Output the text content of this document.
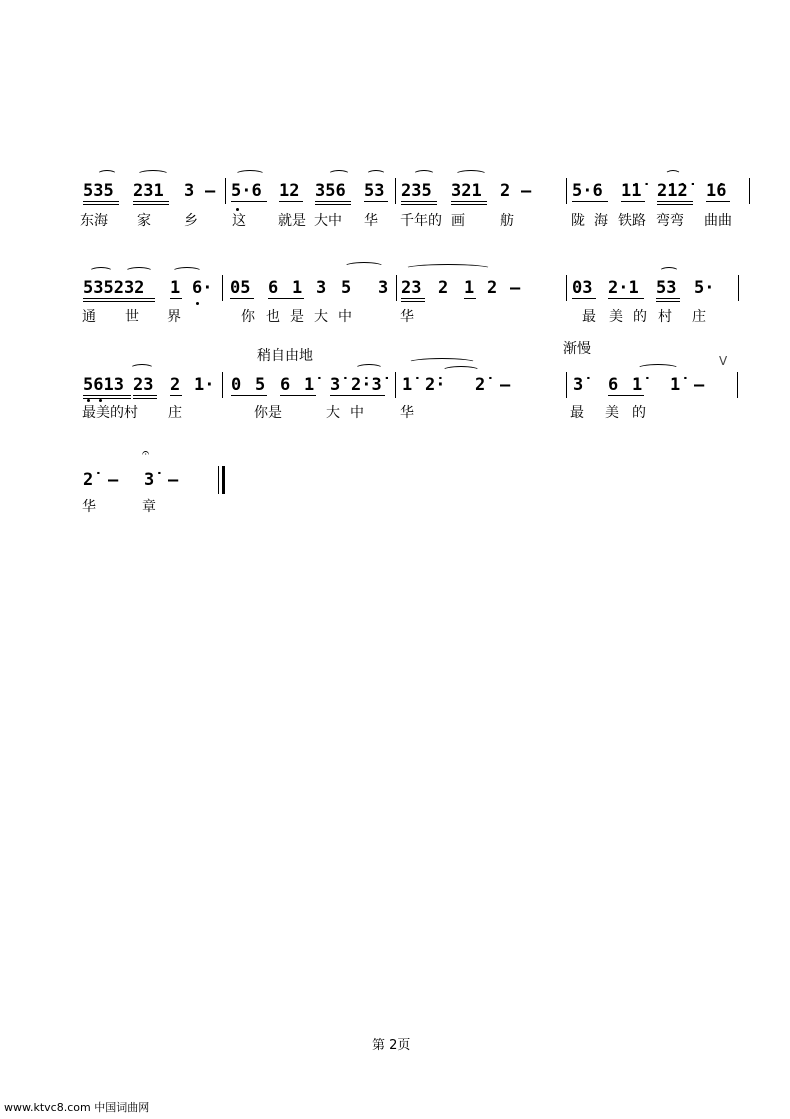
535 231 3 – 5·6 12 356 53 235 321 2 – 5·6 1̇1̇ 2̇1̇2̇ 1̇6
东海 家 乡 这 就是 大中 华 千年的 画	舫	陇 海 铁路 弯弯 曲曲
535232 1 6· 05 6 1 3 5 3 23 2 1 2 –	03 2·1 53 5·
通 世 界	你 也 是 大 中	华	最 美 的 村 庄
稍自由地	渐慢
V
5613 23 2 1· 0 5 6 1̇ 3̇ 2̇·3̇ 1̇ 2̇· 2̇ –	3̇ 6 1̇ 1̇ –
最美的村 庄	你是	大 中	华	最 美 的
𝄐
2̇ – 3̇ –
华	章
第 2页
www.ktvc8.com 中国词曲网
